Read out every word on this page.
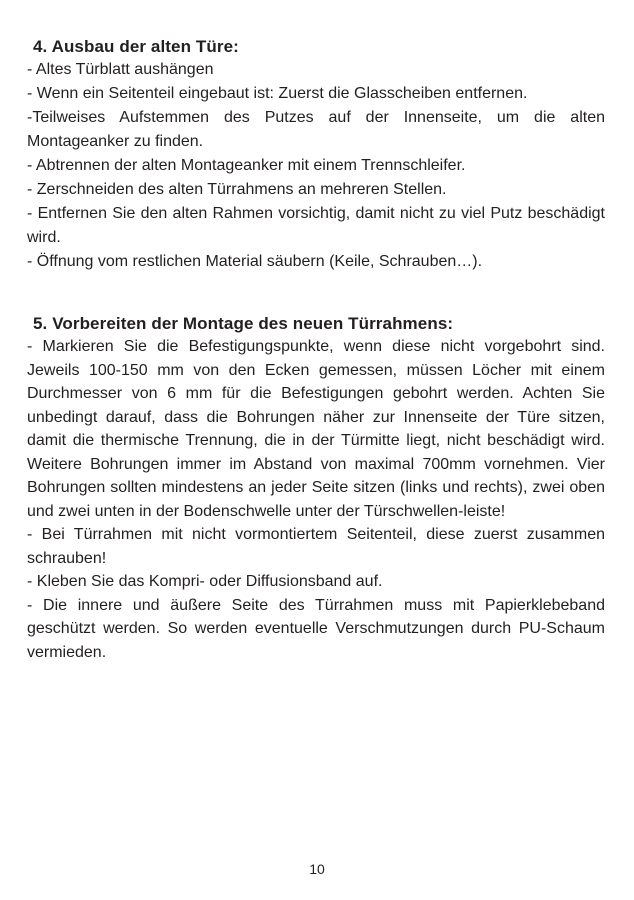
4. Ausbau der alten Türe:

- Altes Türblatt aushängen

- Wenn ein Seitenteil eingebaut ist: Zuerst die Glasscheiben entfernen.

-Teilweises Aufstemmen des Putzes auf der Innenseite, um die alten Montageanker zu finden.

- Abtrennen der alten Montageanker mit einem Trennschleifer.

- Zerschneiden des alten Türrahmens an mehreren Stellen.

- Entfernen Sie den alten Rahmen vorsichtig, damit nicht zu viel Putz beschädigt wird.

- Öffnung vom restlichen Material säubern (Keile, Schrauben…).

5. Vorbereiten der Montage des neuen Türrahmens:

- Markieren Sie die Befestigungspunkte, wenn diese nicht vorgebohrt sind. Jeweils 100-150 mm von den Ecken gemessen, müssen Löcher mit einem Durchmesser von 6 mm für die Befestigungen gebohrt werden. Achten Sie unbedingt darauf, dass die Bohrungen näher zur Innenseite der Türe sitzen, damit die thermische Trennung, die in der Türmitte liegt, nicht beschädigt wird. Weitere Bohrungen immer im Abstand von maximal 700mm vornehmen. Vier Bohrungen sollten mindestens an jeder Seite sitzen (links und rechts), zwei oben und zwei unten in der Bodenschwelle unter der Türschwellen-leiste!

- Bei Türrahmen mit nicht vormontiertem Seitenteil, diese zuerst zusammen schrauben!

- Kleben Sie das Kompri- oder Diffusionsband auf.

- Die innere und äußere Seite des Türrahmen muss mit Papierklebeband geschützt werden. So werden eventuelle Verschmutzungen durch PU-Schaum vermieden.

10
